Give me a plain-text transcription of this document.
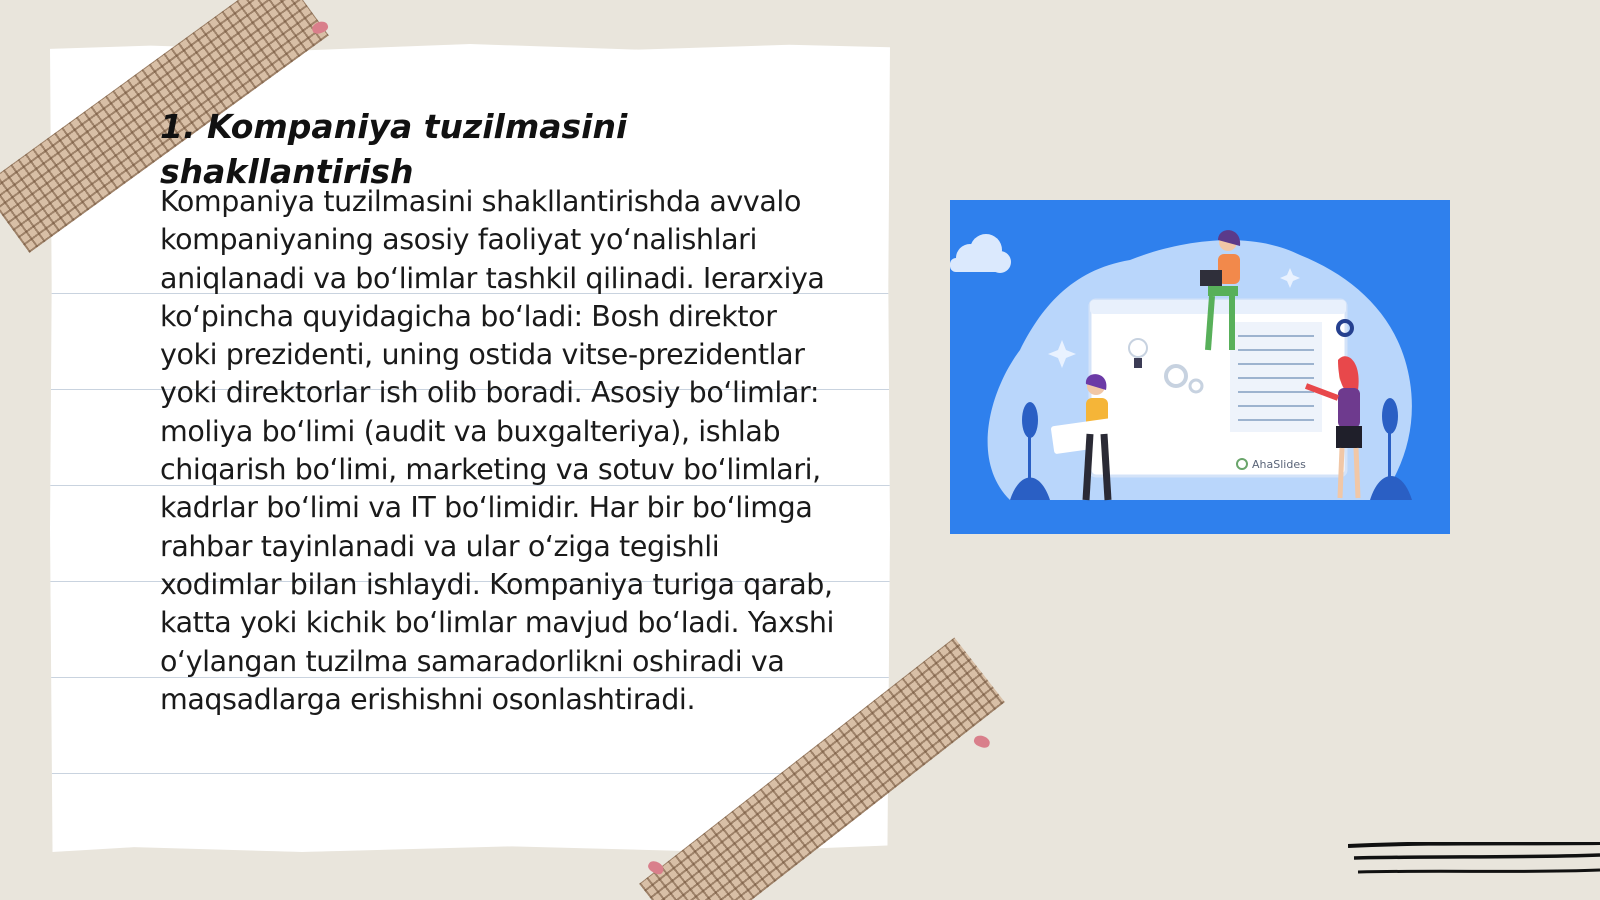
1. Kompaniya tuzilmasini shakllantirish

Kompaniya tuzilmasini shakllantirishda avvalo kompaniyaning asosiy faoliyat yo‘nalishlari aniqlanadi va bo‘limlar tashkil qilinadi. Ierarxiya ko‘pincha quyidagicha bo‘ladi: Bosh direktor yoki prezidenti, uning ostida vitse-prezidentlar yoki direktorlar ish olib boradi. Asosiy bo‘limlar: moliya bo‘limi (audit va buxgalteriya), ishlab chiqarish bo‘limi, marketing va sotuv bo‘limlari, kadrlar bo‘limi va IT bo‘limidir. Har bir bo‘limga rahbar tayinlanadi va ular o‘ziga tegishli xodimlar bilan ishlaydi. Kompaniya turiga qarab, katta yoki kichik bo‘limlar mavjud bo‘ladi. Yaxshi o‘ylangan tuzilma samaradorlikni oshiradi va maqsadlarga erishishni osonlashtiradi.

AhaSlides
